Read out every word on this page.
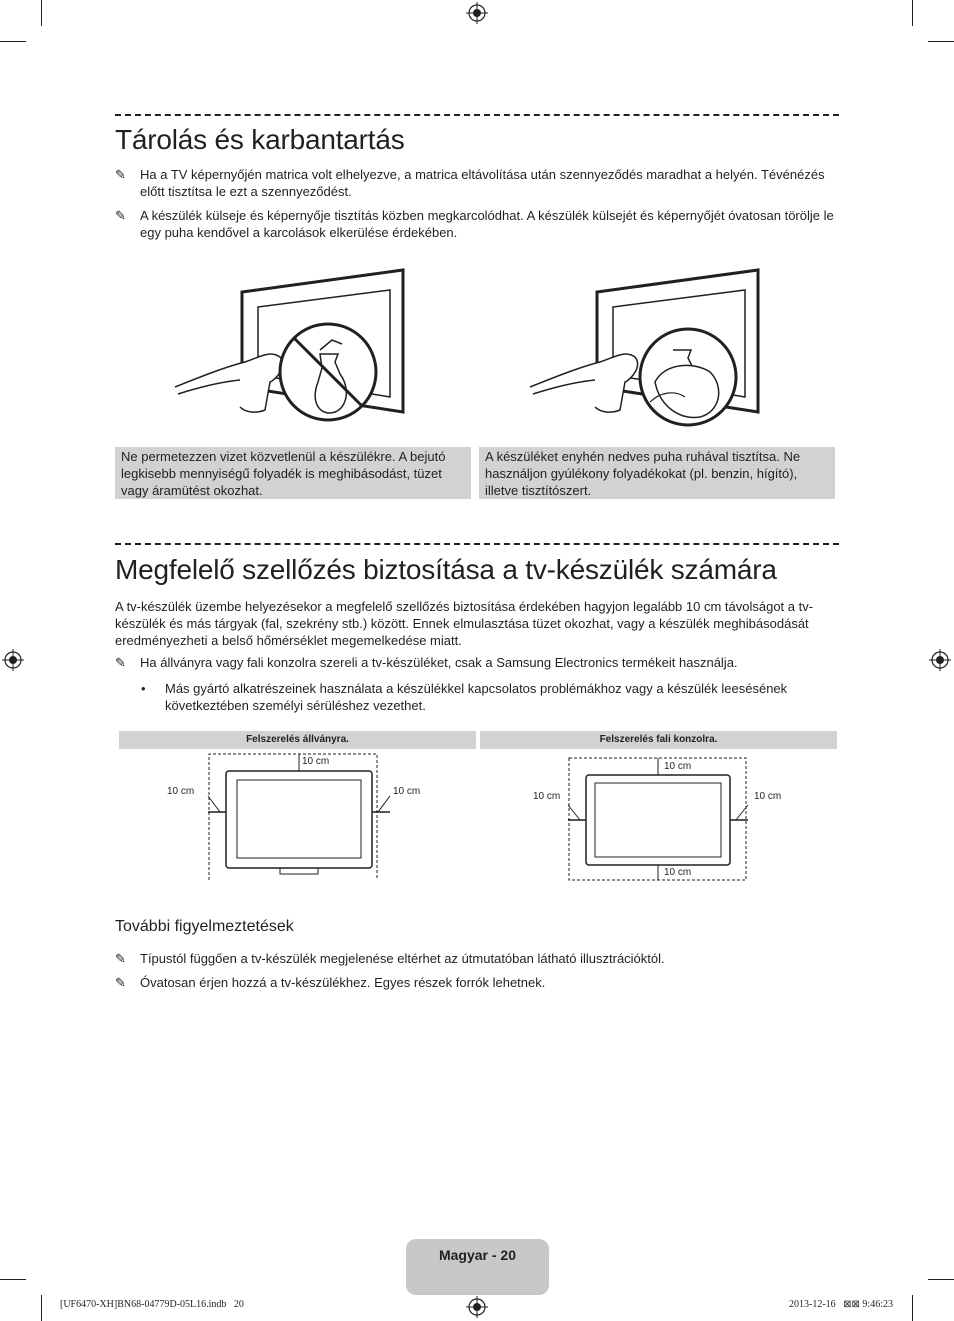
Tárolás és karbantartás
✎	Ha a TV képernyőjén matrica volt elhelyezve, a matrica eltávolítása után szennyeződés maradhat a helyén. Tévénézés előtt tisztítsa le ezt a szennyeződést.
✎	A készülék külseje és képernyője tisztítás közben megkarcolódhat. A készülék külsejét és képernyőjét óvatosan törölje le egy puha kendővel a karcolások elkerülése érdekében.
Ne permetezzen vizet közvetlenül a készülékre. A bejutó legkisebb mennyiségű folyadék is meghibásodást, tüzet vagy áramütést okozhat.
A készüléket enyhén nedves puha ruhával tisztítsa. Ne használjon gyúlékony folyadékokat (pl. benzin, hígító), illetve tisztítószert.
Megfelelő szellőzés biztosítása a tv-készülék számára
A tv-készülék üzembe helyezésekor a megfelelő szellőzés biztosítása érdekében hagyjon legalább 10 cm távolságot a tv-készülék és más tárgyak (fal, szekrény stb.) között. Ennek elmulasztása tüzet okozhat, vagy a készülék meghibásodását eredményezheti a belső hőmérséklet megemelkedése miatt.
✎	Ha állványra vagy fali konzolra szereli a tv-készüléket, csak a Samsung Electronics termékeit használja.
• Más gyártó alkatrészeinek használata a készülékkel kapcsolatos problémákhoz vagy a készülék leesésének következtében személyi sérüléshez vezethet.
Felszerelés állványra.	Felszerelés fali konzolra.
10 cm
10 cm	10 cm
10 cm
10 cm	10 cm
10 cm
További figyelmeztetések
✎	Típustól függően a tv-készülék megjelenése eltérhet az útmutatóban látható illusztrációktól.
✎	Óvatosan érjen hozzá a tv-készülékhez. Egyes részek forrók lehetnek.
Magyar - 20
[UF6470-XH]BN68-04779D-05L16.indb   20	2013-12-16   ⊠⊠ 9:46:23
